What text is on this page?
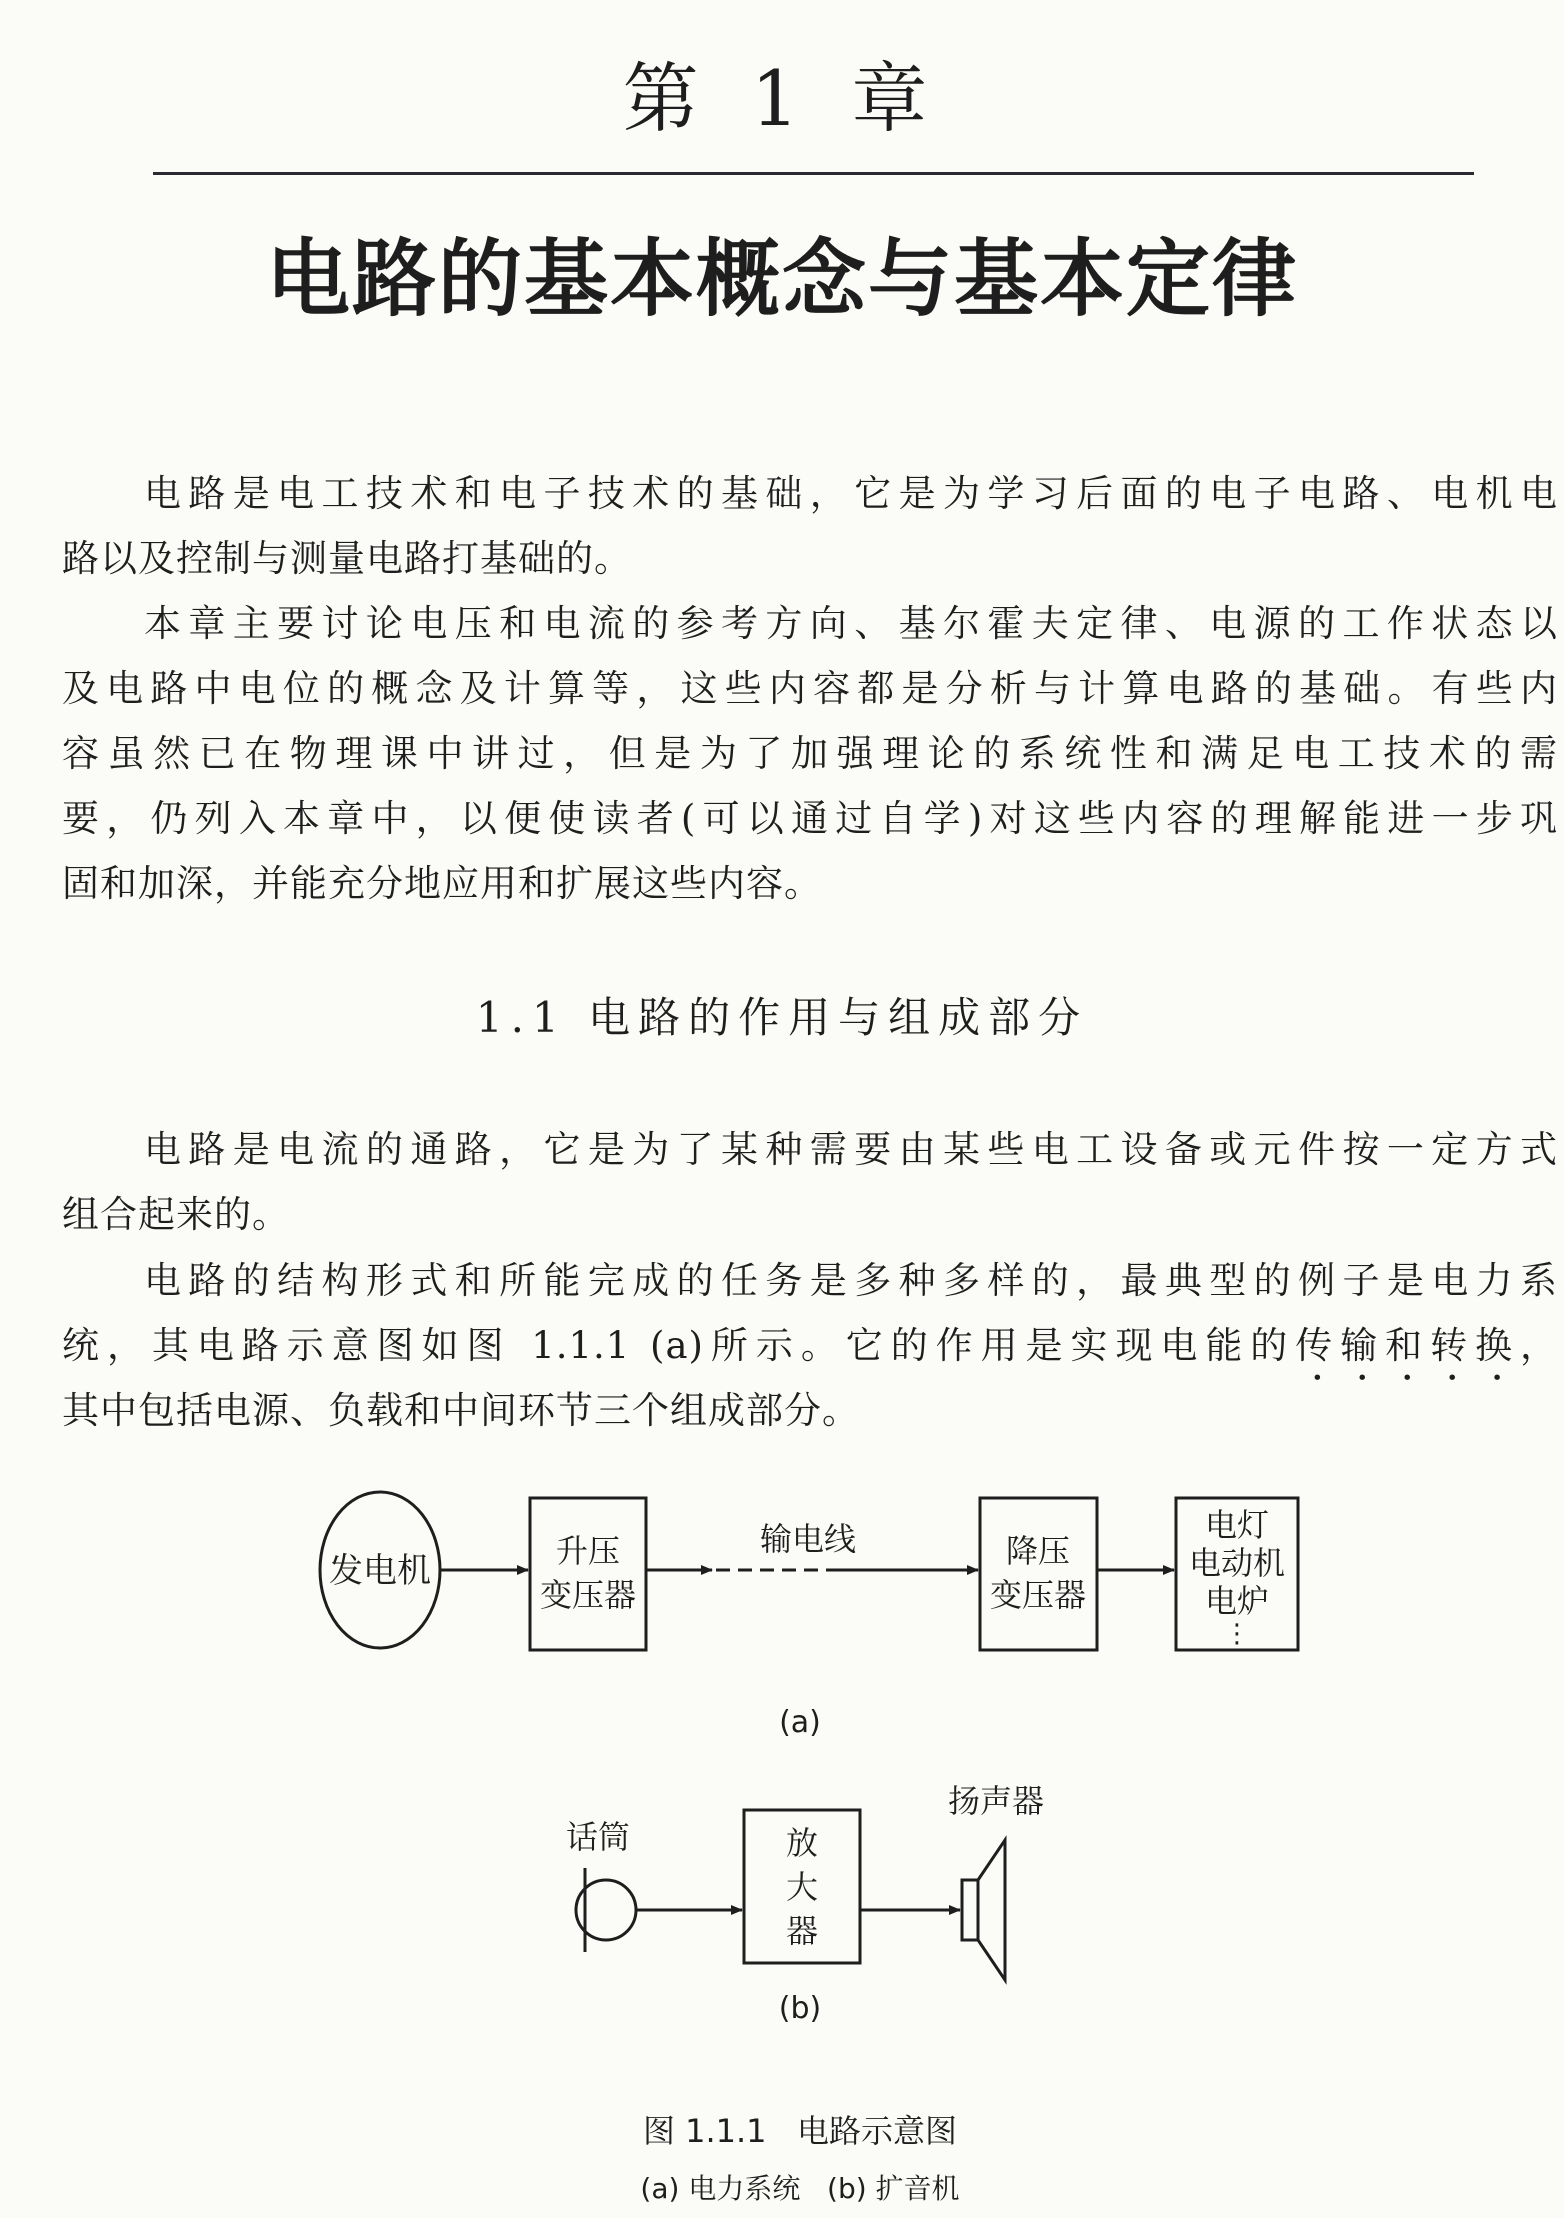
第 1 章
电路的基本概念与基本定律
电路是电工技术和电子技术的基础，它是为学习后面的电子电路、电机电
路以及控制与测量电路打基础的。
本章主要讨论电压和电流的参考方向、基尔霍夫定律、电源的工作状态以
及电路中电位的概念及计算等，这些内容都是分析与计算电路的基础。有些内
容虽然已在物理课中讲过，但是为了加强理论的系统性和满足电工技术的需
要，仍列入本章中，以便使读者(可以通过自学)对这些内容的理解能进一步巩
固和加深，并能充分地应用和扩展这些内容。
1.1 电路的作用与组成部分
电路是电流的通路，它是为了某种需要由某些电工设备或元件按一定方式
组合起来的。
电路的结构形式和所能完成的任务是多种多样的，最典型的例子是电力系
统，其电路示意图如图 1.1.1 (a)所示。它的作用是实现电能的传输和转换，
其中包括电源、负载和中间环节三个组成部分。
发电机	升压
变压器
输电线	降压
变压器
电灯
电动机
电炉
⋮
(a)
话筒	放
大
器
扬声器
(b)
图 1.1.1   电路示意图
(a) 电力系统   (b) 扩音机
